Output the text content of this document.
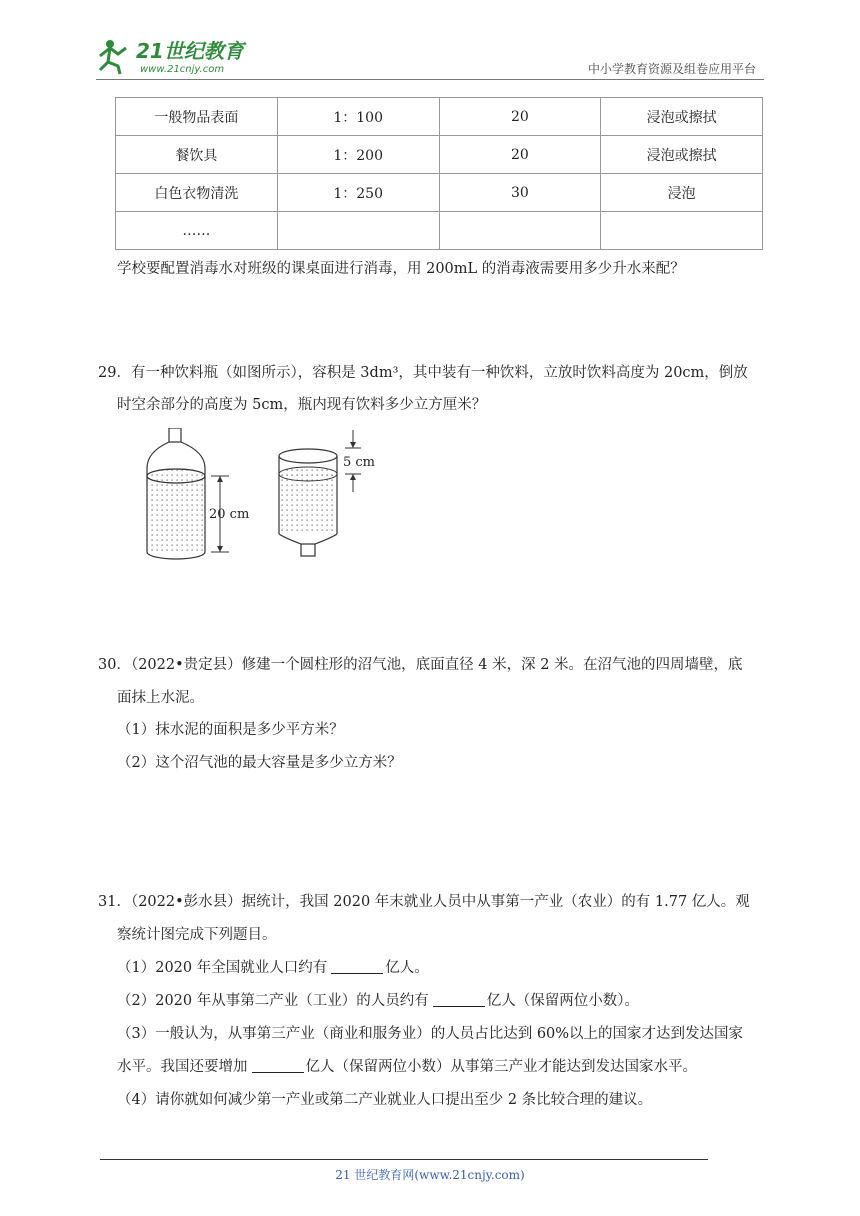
21世纪教育
www.21cnjy.com	中小学教育资源及组卷应用平台
一般物品表面	1：100	20	浸泡或擦拭
餐饮具	1：200	20	浸泡或擦拭
白色衣物清洗	1：250	30	浸泡
……			
学校要配置消毒水对班级的课桌面进行消毒，用 200mL 的消毒液需要用多少升水来配？
29．有一种饮料瓶（如图所示），容积是 3dm³，其中装有一种饮料，立放时饮料高度为 20cm，倒放
时空余部分的高度为 5cm，瓶内现有饮料多少立方厘米？
20 cm
5 cm
30．（2022•贵定县）修建一个圆柱形的沼气池，底面直径 4 米，深 2 米。在沼气池的四周墙壁，底
面抹上水泥。
（1）抹水泥的面积是多少平方米？
（2）这个沼气池的最大容量是多少立方米？
31．（2022•彭水县）据统计，我国 2020 年末就业人员中从事第一产业（农业）的有 1.77 亿人。观
察统计图完成下列题目。
（1）2020 年全国就业人口约有	亿人。
（2）2020 年从事第二产业（工业）的人员约有	亿人（保留两位小数）。
（3）一般认为，从事第三产业（商业和服务业）的人员占比达到 60%以上的国家才达到发达国家
水平。我国还要增加	亿人（保留两位小数）从事第三产业才能达到发达国家水平。
（4）请你就如何减少第一产业或第二产业就业人口提出至少 2 条比较合理的建议。
21 世纪教育网(www.21cnjy.com)
